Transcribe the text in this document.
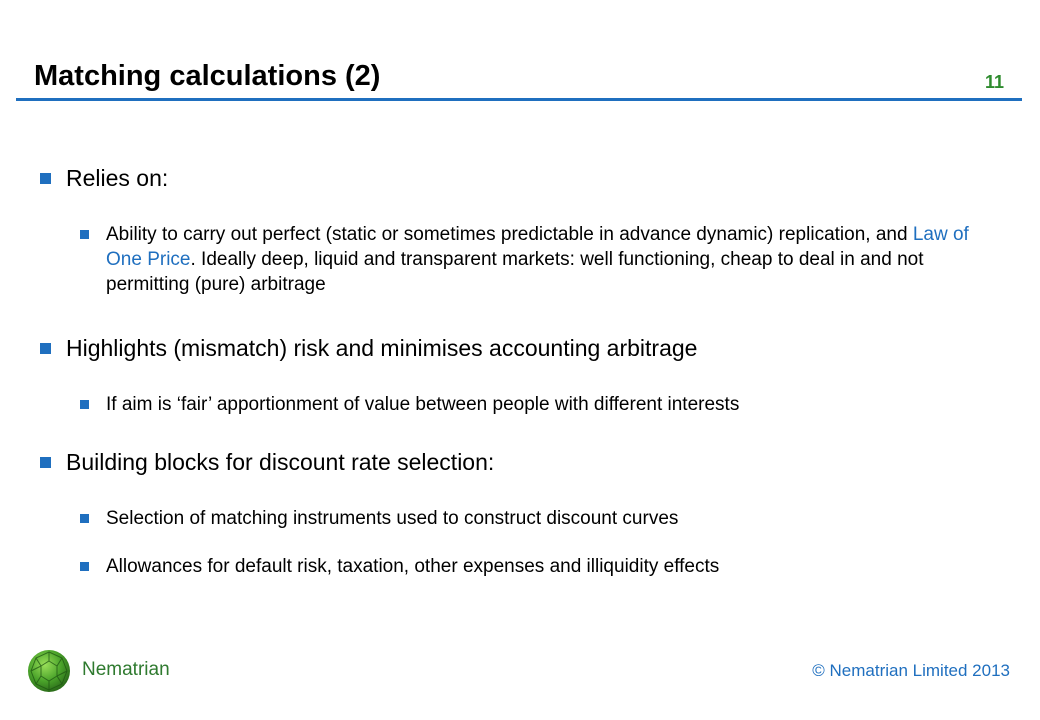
Matching calculations (2)	11
Relies on:
Ability to carry out perfect (static or sometimes predictable in advance dynamic) replication, and Law of One Price. Ideally deep, liquid and transparent markets: well functioning, cheap to deal in and not permitting (pure) arbitrage
Highlights (mismatch) risk and minimises accounting arbitrage
If aim is ‘fair’ apportionment of value between people with different interests
Building blocks for discount rate selection:
Selection of matching instruments used to construct discount curves
Allowances for default risk, taxation, other expenses and illiquidity effects
Nematrian	© Nematrian Limited 2013
